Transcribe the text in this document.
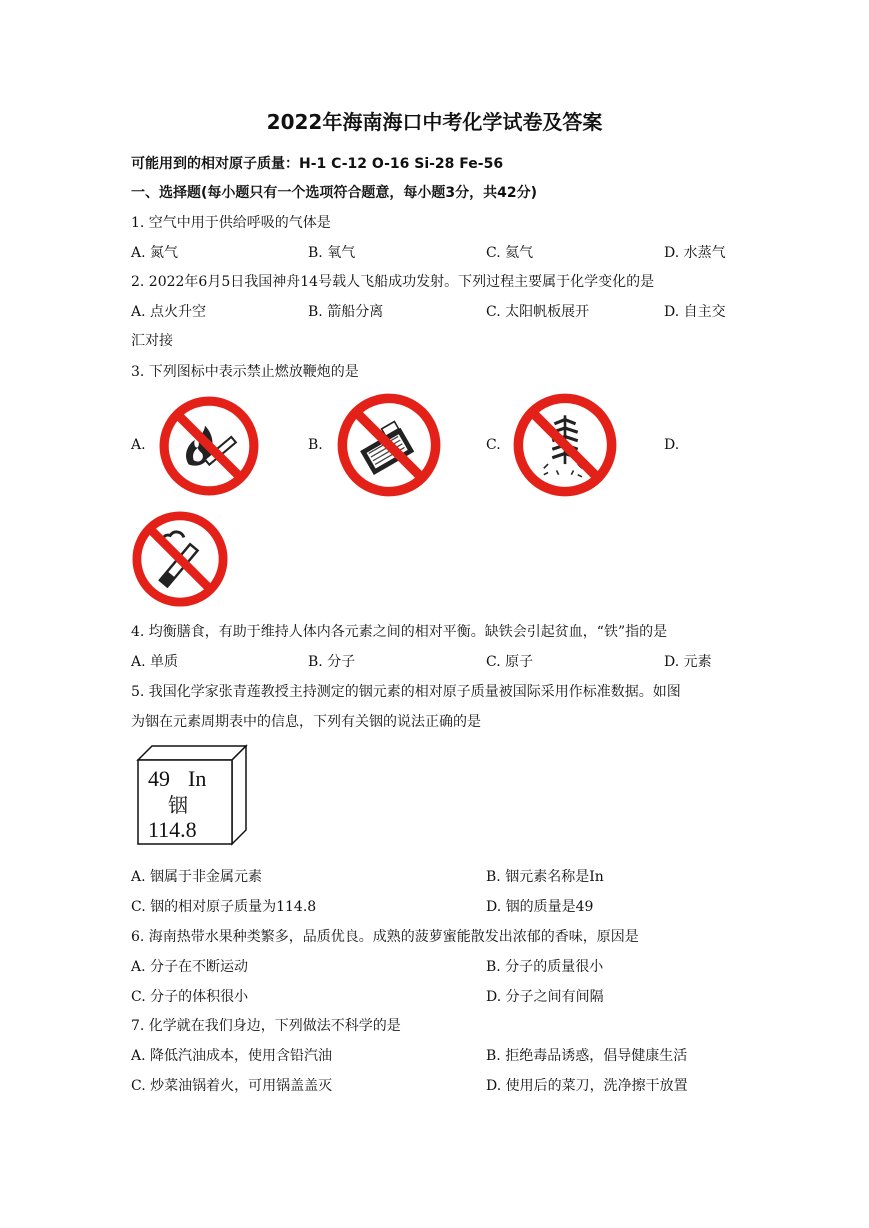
2022年海南海口中考化学试卷及答案
可能用到的相对原子质量：H-1 C-12 O-16 Si-28 Fe-56
一、选择题(每小题只有一个选项符合题意，每小题3分，共42分)
1. 空气中用于供给呼吸的气体是
A. 氮气	B. 氧气	C. 氦气	D. 水蒸气
2. 2022年6月5日我国神舟14号载人飞船成功发射。下列过程主要属于化学变化的是
A. 点火升空	B. 箭船分离	C. 太阳帆板展开	D. 自主交
汇对接
3. 下列图标中表示禁止燃放鞭炮的是
A.	B.	C.	D.
4. 均衡膳食，有助于维持人体内各元素之间的相对平衡。缺铁会引起贫血，“铁”指的是
A. 单质	B. 分子	C. 原子	D. 元素
5. 我国化学家张青莲教授主持测定的铟元素的相对原子质量被国际采用作标准数据。如图
为铟在元素周期表中的信息，下列有关铟的说法正确的是
49 In
铟
114.8
A. 铟属于非金属元素	B. 铟元素名称是In
C. 铟的相对原子质量为114.8	D. 铟的质量是49
6. 海南热带水果种类繁多，品质优良。成熟的菠萝蜜能散发出浓郁的香味，原因是
A. 分子在不断运动	B. 分子的质量很小
C. 分子的体积很小	D. 分子之间有间隔
7. 化学就在我们身边，下列做法不科学的是
A. 降低汽油成本，使用含铅汽油	B. 拒绝毒品诱惑，倡导健康生活
C. 炒菜油锅着火，可用锅盖盖灭	D. 使用后的菜刀，洗净擦干放置
